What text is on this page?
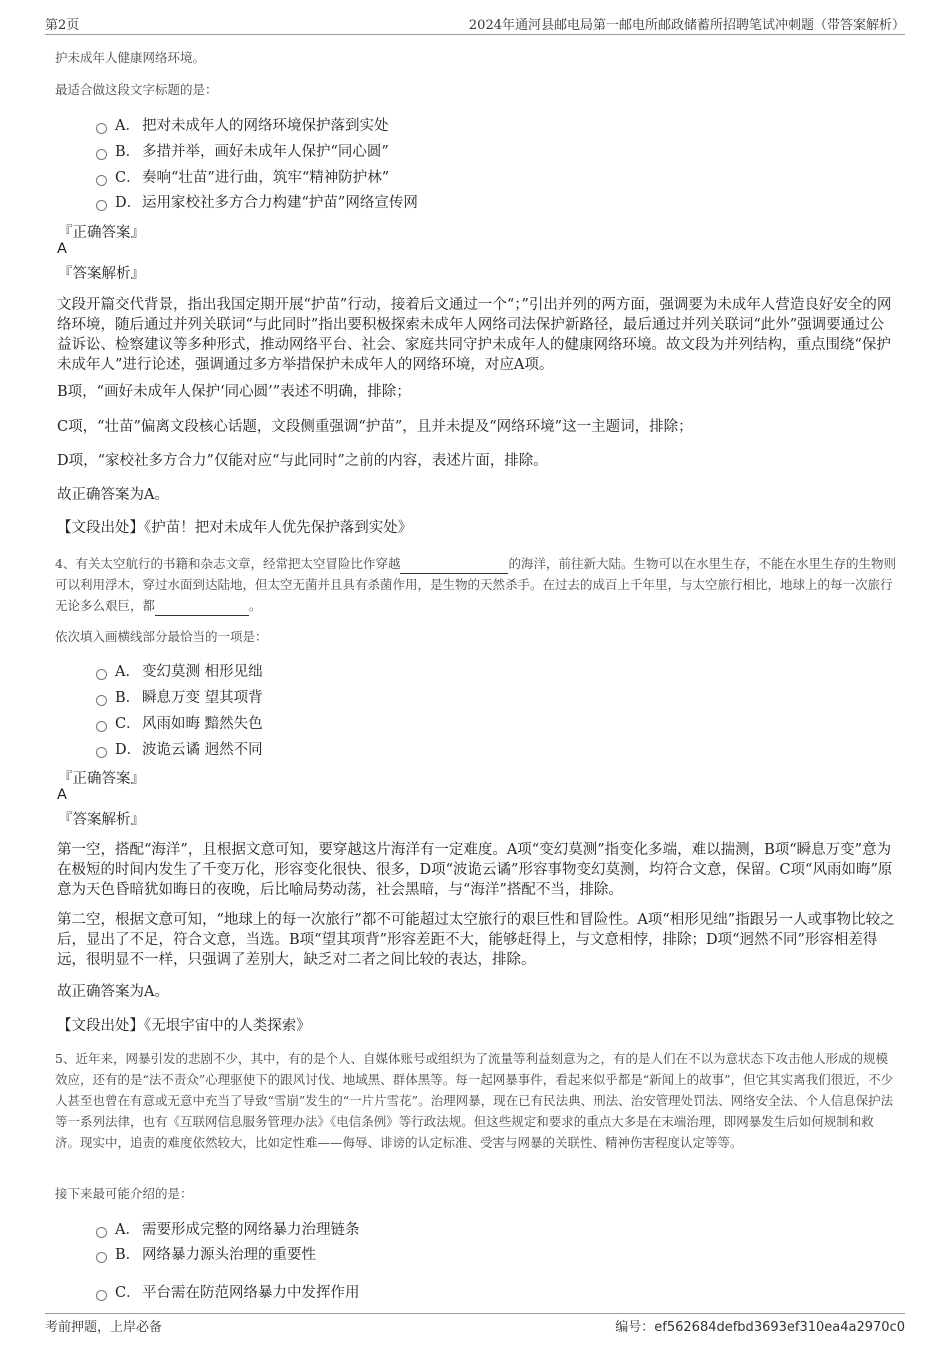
第2页	2024年通河县邮电局第一邮电所邮政储蓄所招聘笔试冲刺题（带答案解析）
护未成年人健康网络环境。
最适合做这段文字标题的是：
A． 把对未成年人的网络环境保护落到实处
B． 多措并举，画好未成年人保护“同心圆”
C．奏响“壮苗”进行曲，筑牢“精神防护林”
D．运用家校社多方合力构建“护苗”网络宣传网
『正确答案』
A
『答案解析』
文段开篇交代背景，指出我国定期开展“护苗”行动，接着后文通过一个“；”引出并列的两方面，强调要为未成年人营造良好安全的网络环境，随后通过并列关联词“与此同时”指出要积极探索未成年人网络司法保护新路径，最后通过并列关联词“此外”强调要通过公益诉讼、检察建议等多种形式，推动网络平台、社会、家庭共同守护未成年人的健康网络环境。故文段为并列结构，重点围绕“保护未成年人”进行论述，强调通过多方举措保护未成年人的网络环境，对应A项。
B项，“画好未成年人保护‘同心圆’”表述不明确，排除；
C项，“壮苗”偏离文段核心话题，文段侧重强调“护苗”，且并未提及“网络环境”这一主题词，排除；
D项，“家校社多方合力”仅能对应“与此同时”之前的内容，表述片面，排除。
故正确答案为A。
【文段出处】《护苗！把对未成年人优先保护落到实处》
4、有关太空航行的书籍和杂志文章，经常把太空冒险比作穿越	的海洋，前往新大陆。生物可以在水里生存，不能在水里生存的生物则可以利用浮木，穿过水面到达陆地，但太空无菌并且具有杀菌作用，是生物的天然杀手。在过去的成百上千年里，与太空旅行相比，地球上的每一次旅行无论多么艰巨，都	。
依次填入画横线部分最恰当的一项是：
A． 变幻莫测 相形见绌
B． 瞬息万变 望其项背
C．风雨如晦 黯然失色
D．波诡云谲 迥然不同
『正确答案』
A
『答案解析』
第一空，搭配“海洋”，且根据文意可知，要穿越这片海洋有一定难度。A项“变幻莫测”指变化多端，难以揣测，B项“瞬息万变”意为在极短的时间内发生了千变万化，形容变化很快、很多，D项“波诡云谲”形容事物变幻莫测，均符合文意，保留。C项“风雨如晦”原意为天色昏暗犹如晦日的夜晚，后比喻局势动荡，社会黑暗，与“海洋”搭配不当，排除。
第二空，根据文意可知，“地球上的每一次旅行”都不可能超过太空旅行的艰巨性和冒险性。A项“相形见绌”指跟另一人或事物比较之后，显出了不足，符合文意，当选。B项“望其项背”形容差距不大，能够赶得上，与文意相悖，排除；D项“迥然不同”形容相差得远，很明显不一样，只强调了差别大，缺乏对二者之间比较的表达，排除。
故正确答案为A。
【文段出处】《无垠宇宙中的人类探索》
5、近年来，网暴引发的悲剧不少，其中，有的是个人、自媒体账号或组织为了流量等利益刻意为之，有的是人们在不以为意状态下攻击他人形成的规模效应，还有的是“法不责众”心理驱使下的跟风讨伐、地域黑、群体黑等。每一起网暴事件，看起来似乎都是“新闻上的故事”，但它其实离我们很近，不少人甚至也曾在有意或无意中充当了导致“雪崩”发生的“一片片雪花”。治理网暴，现在已有民法典、刑法、治安管理处罚法、网络安全法、个人信息保护法等一系列法律，也有《互联网信息服务管理办法》《电信条例》等行政法规。但这些规定和要求的重点大多是在末端治理，即网暴发生后如何规制和救济。现实中，追责的难度依然较大，比如定性难——侮辱、诽谤的认定标准、受害与网暴的关联性、精神伤害程度认定等等。
接下来最可能介绍的是：
A． 需要形成完整的网络暴力治理链条
B． 网络暴力源头治理的重要性
C．平台需在防范网络暴力中发挥作用
考前押题，上岸必备	编号：ef562684defbd3693ef310ea4a2970c0
